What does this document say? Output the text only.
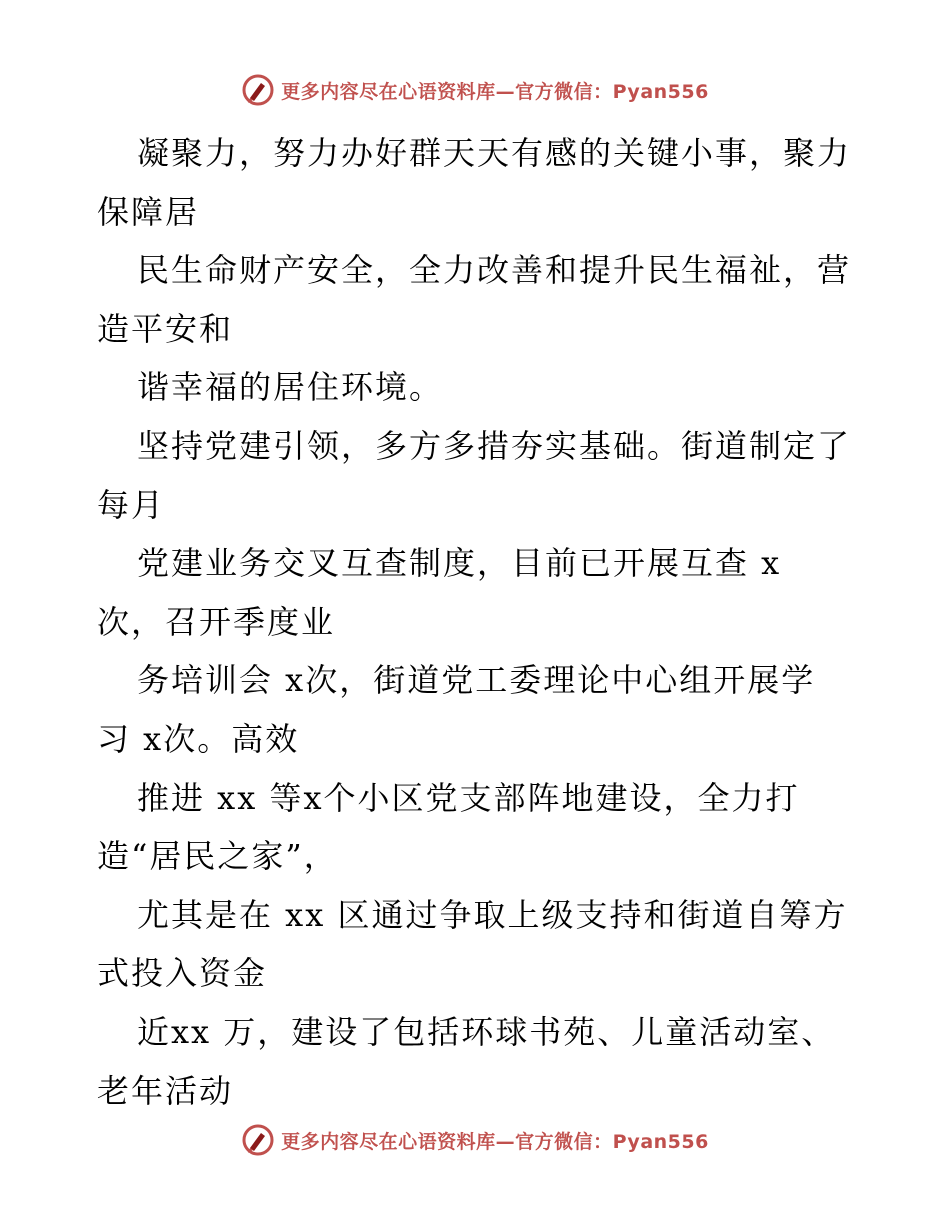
更多内容尽在心语资料库—官方微信：Pyan556
凝聚力，努力办好群天天有感的关键小事，聚力
保障居
民生命财产安全，全力改善和提升民生福祉，营
造平安和
谐幸福的居住环境。
坚持党建引领，多方多措夯实基础。街道制定了
每月
党建业务交叉互查制度，目前已开展互查 x
次，召开季度业
务培训会 x次，街道党工委理论中心组开展学
习 x次。高效
推进 xx 等x个小区党支部阵地建设，全力打
造“居民之家”，
尤其是在 xx 区通过争取上级支持和街道自筹方
式投入资金
近xx 万，建设了包括环球书苑、儿童活动室、
老年活动
更多内容尽在心语资料库—官方微信：Pyan556
